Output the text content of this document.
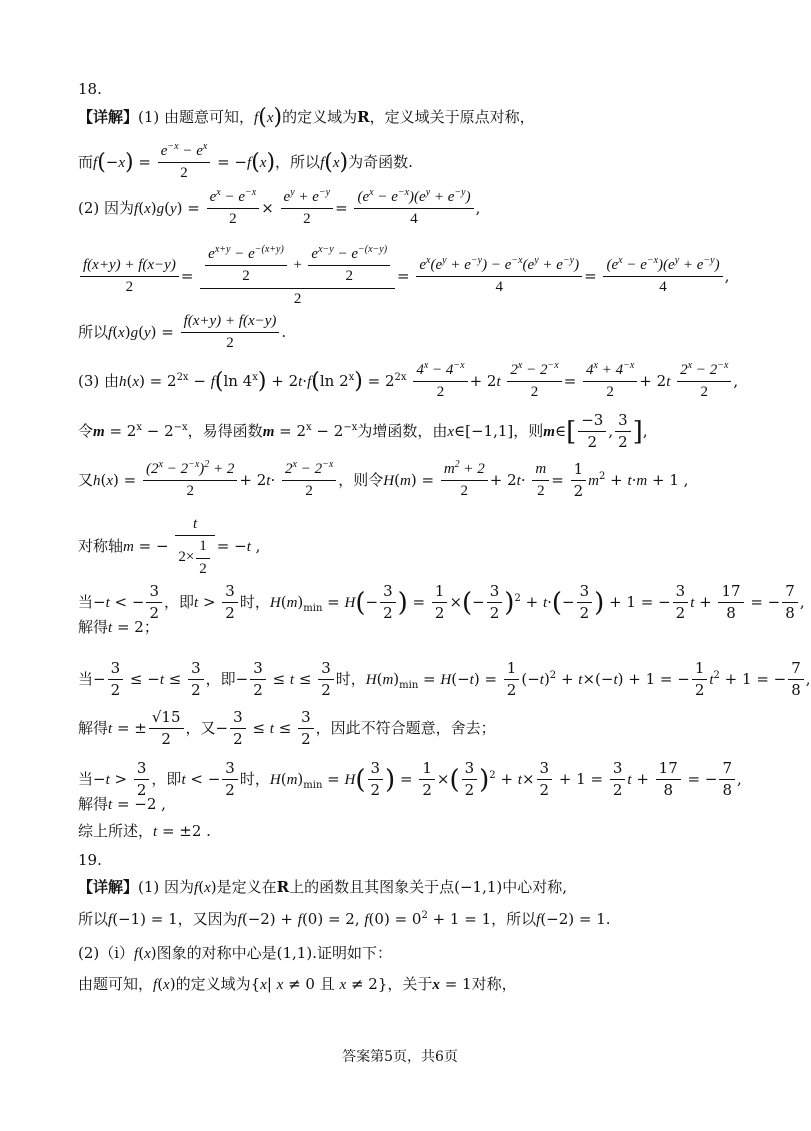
18.
【详解】(1) 由题意可知，f(x)的定义域为R，定义域关于原点对称，
而$f(-x) = \frac{e^{-x} - e^x}{2} = -f(x)$，所以f(x)为奇函数.
(2) 因为$f(x)g(y) = \frac{e^x - e^{-x}}{2} \times \frac{e^y + e^{-y}}{2} = \frac{(e^x - e^{-x})(e^y + e^{-y})}{4}$ ,
$\frac{f(x+y) + f(x-y)}{2} = \frac{\frac{e^{x+y} - e^{-(x+y)}}{2} + \frac{e^{x-y} - e^{-(x-y)}}{2}}{2} = \frac{e^x(e^y + e^{-y}) - e^{-x}(e^y + e^{-y})}{4} = \frac{(e^x - e^{-x})(e^y + e^{-y})}{4}$ ,
所以$f(x)g(y) = \frac{f(x+y) + f(x-y)}{2}$ .
(3) 由$h(x) = 2^{2x} - f(\ln$ $4^x) + 2t\cdot f(\ln$ $2^x) = 2^{2x} \frac{4^x - 4^{-x}}{2} + 2t \frac{2^x - 2^{-x}}{2} = \frac{4^x + 4^{-x}}{2} + 2t \frac{2^x - 2^{-x}}{2}$ ,
令$m = 2^x - 2^{-x}$，易得函数$m = 2^x - 2^{-x}$为增函数，由x∈[−1,1]，则m∈[ $\frac{-3}{2}$ , $\frac{3}{2}$ ],
又$h(x) = \frac{(2^x - 2^{-x})^2 + 2}{2} + 2t\cdot \frac{2^x - 2^{-x}}{2}$ ，则令$H(m) = \frac{m^2 + 2}{2} + 2t\cdot \frac{m}{2} = \frac{1}{2} m^2 + t\cdot m + 1$ ,
对称轴m = − $\frac{t}{2\times \frac{1}{2}} = -t$ ,
当−t < − $\frac{3}{2}$ ，即$t > \frac{3}{2}$ 时，$H(m)_{min} = H(- \frac{3}{2}$ ) = $\frac{1}{2}$ ×(− $\frac{3}{2} )^2 + t\cdot(- \frac{3}{2}$ ) + 1 = − $\frac{3}{2}$ $t + \frac{17}{8}$ = − $\frac{7}{8}$ ,
解得t = 2；
当− $\frac{3}{2} \le -t \le \frac{3}{2}$ ，即− $\frac{3}{2} \le t \le \frac{3}{2}$ 时，$H(m)_{min} = H(-t) = \frac{1}{2} (-t)^2 + t\times(-t) + 1$ = − $\frac{1}{2} t^2 + 1$ = − $\frac{7}{8}$ ,
解得t = ± $\frac{√15}{2}$ ，又− $\frac{3}{2} \le t \le \frac{3}{2}$ ，因此不符合题意，舍去；
当$-t > \frac{3}{2}$ ，即t < − $\frac{3}{2}$ 时，$H(m)_{min} = H( \frac{3}{2}$ ) = $\frac{1}{2}$ ×( $\frac{3}{2} )^2 + t\times \frac{3}{2} + 1 = \frac{3}{2}$ $t + \frac{17}{8}$ = − $\frac{7}{8}$ ,
解得t = −2 ,
综上所述，t = ±2 .
19.
【详解】(1) 因为f(x)是定义在R上的函数且其图象关于点(−1,1)中心对称,
所以f(−1) = 1，又因为f(−2) + f(0) = 2, $f(0) = 0^2 + 1 = 1$，所以f(−2) = 1.
(2)（i）f(x)图象的对称中心是(1,1).证明如下：
由题可知，f(x)的定义域为{x| x ≠ 0 且 x ≠ 2}，关于x = 1对称，
答案第5页，共6页
